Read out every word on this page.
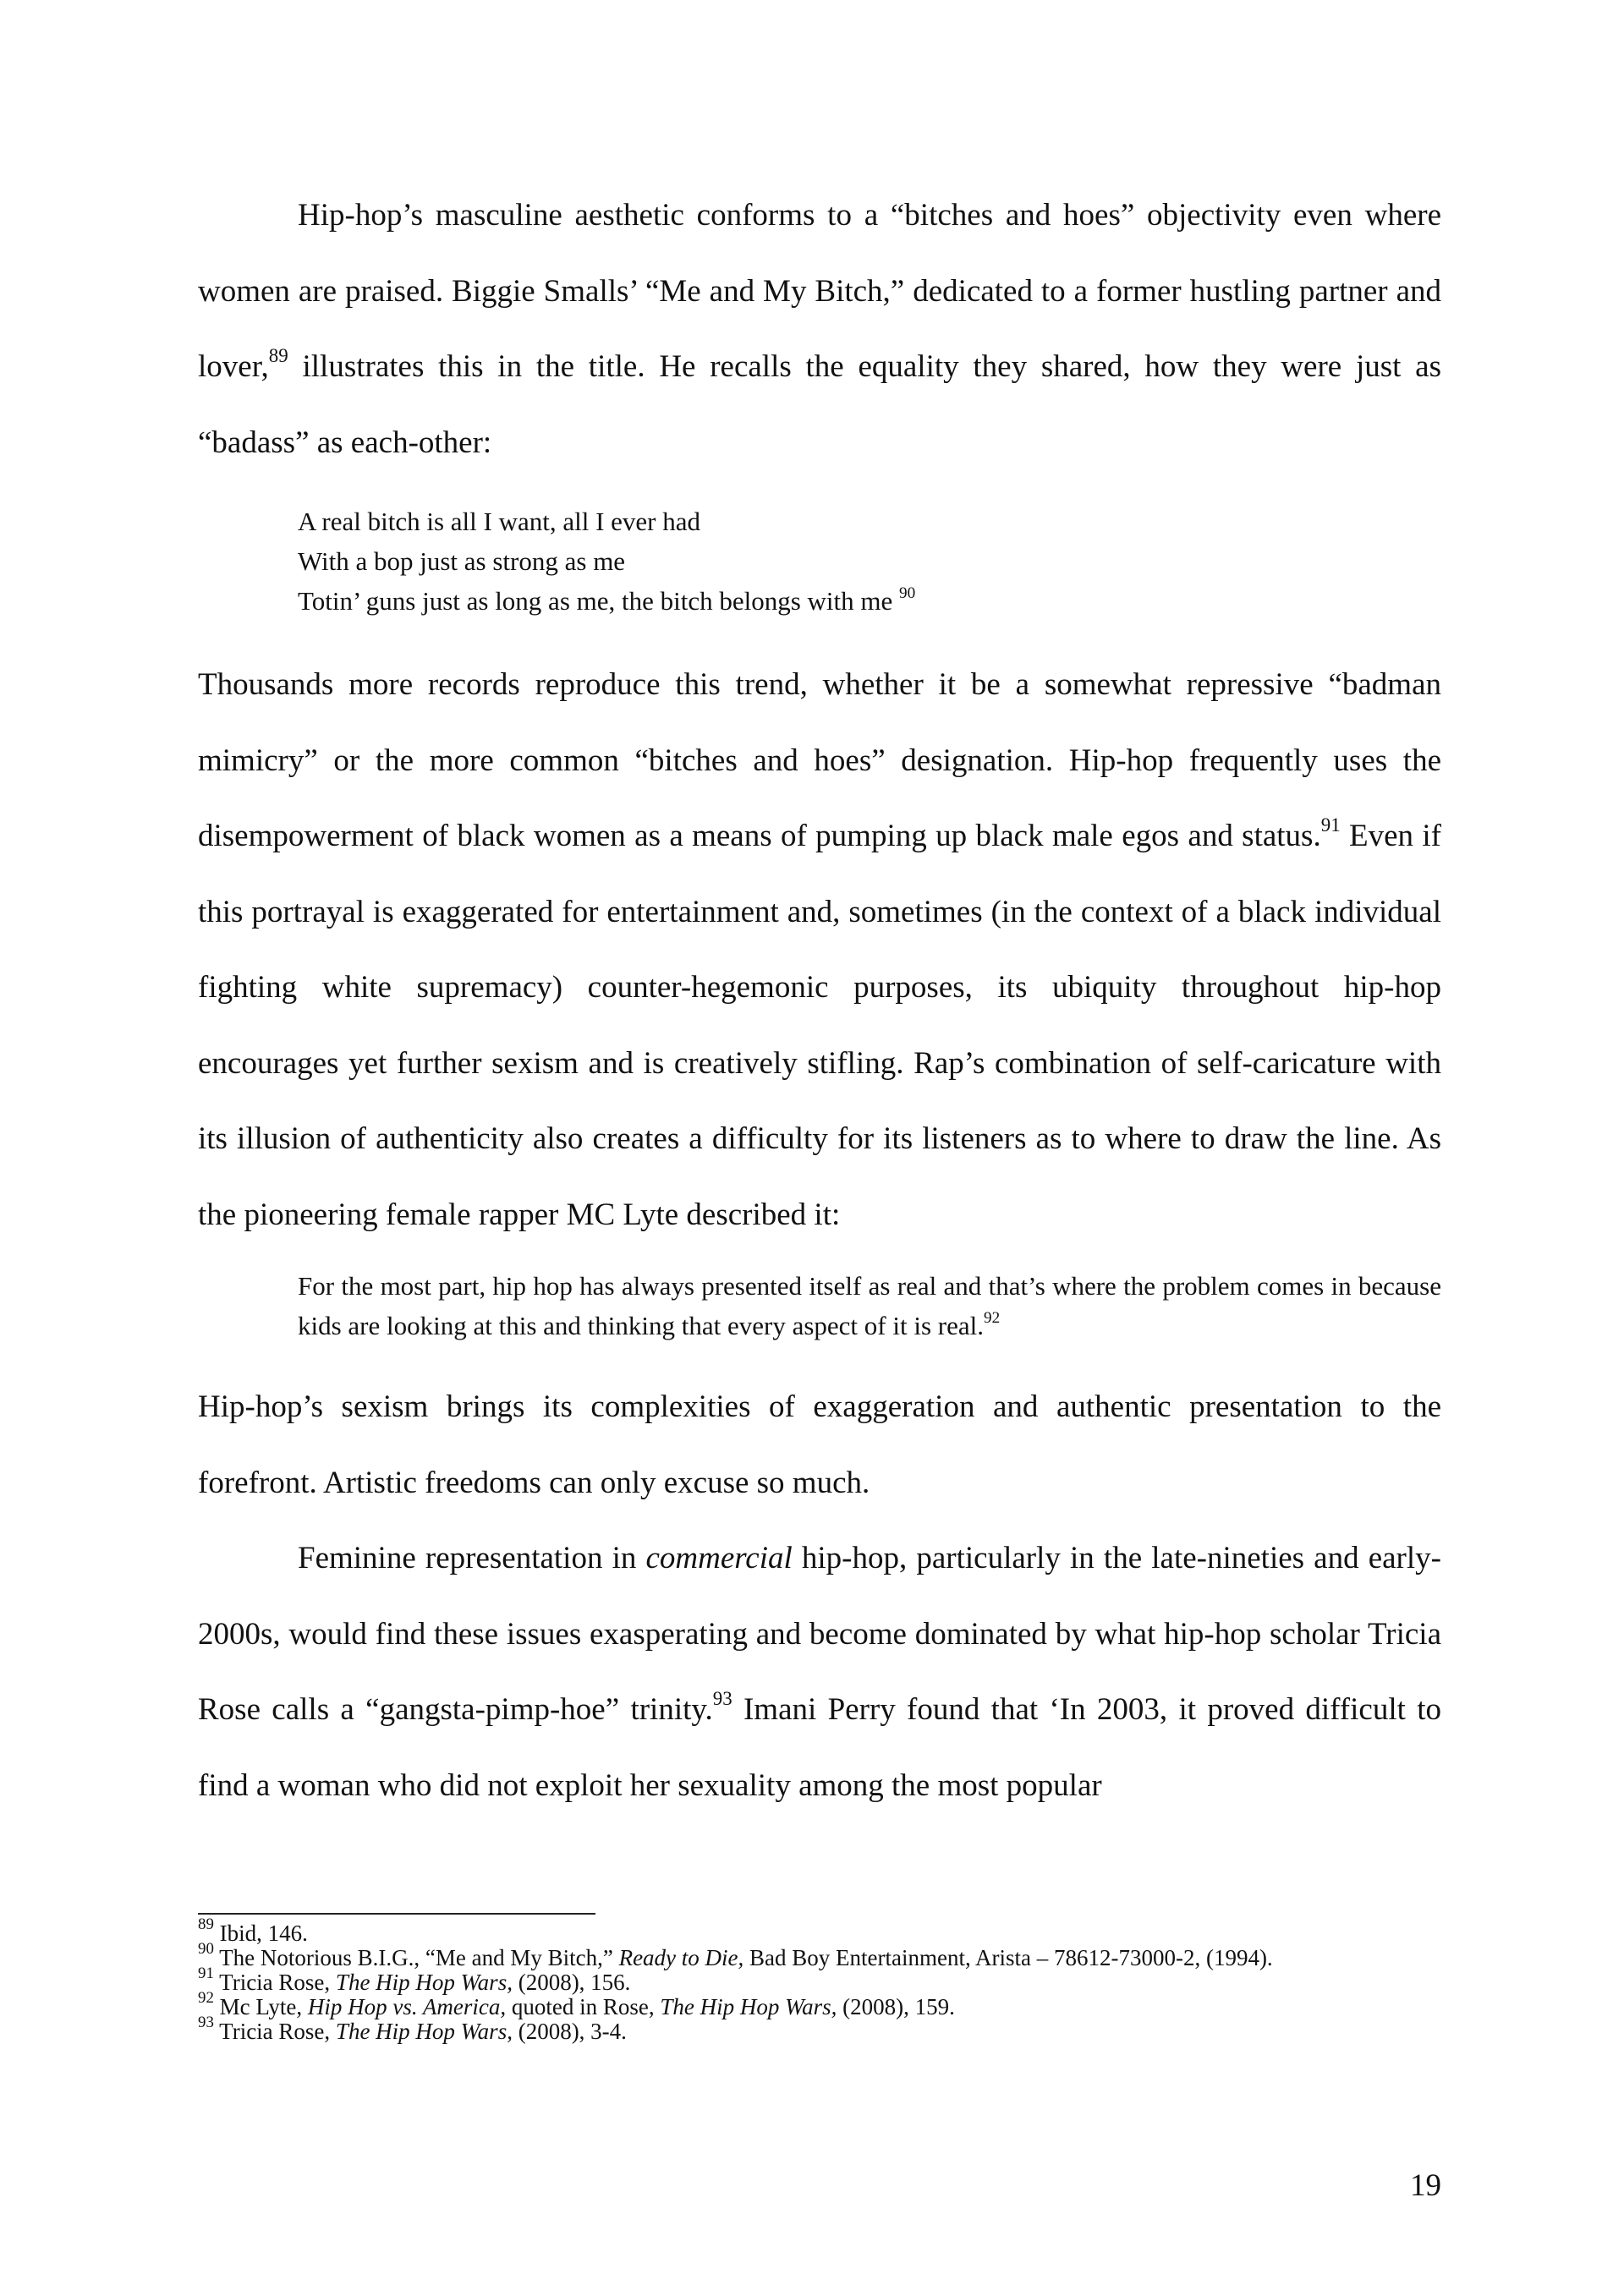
Hip-hop’s masculine aesthetic conforms to a “bitches and hoes” objectivity even where women are praised. Biggie Smalls’ “Me and My Bitch,” dedicated to a former hustling partner and lover,$^{89}$ illustrates this in the title. He recalls the equality they shared, how they were just as “badass” as each-other:
A real bitch is all I want, all I ever had
With a bop just as strong as me
Totin’ guns just as long as me, the bitch belongs with me $^{90}$
Thousands more records reproduce this trend, whether it be a somewhat repressive “badman mimicry” or the more common “bitches and hoes” designation. Hip-hop frequently uses the disempowerment of black women as a means of pumping up black male egos and status.$^{91}$ Even if this portrayal is exaggerated for entertainment and, sometimes (in the context of a black individual fighting white supremacy) counter-hegemonic purposes, its ubiquity throughout hip-hop encourages yet further sexism and is creatively stifling. Rap’s combination of self-caricature with its illusion of authenticity also creates a difficulty for its listeners as to where to draw the line. As the pioneering female rapper MC Lyte described it:
For the most part, hip hop has always presented itself as real and that’s where the problem comes in because kids are looking at this and thinking that every aspect of it is real.$^{92}$
Hip-hop’s sexism brings its complexities of exaggeration and authentic presentation to the forefront. Artistic freedoms can only excuse so much.
Feminine representation in commercial hip-hop, particularly in the late-nineties and early-2000s, would find these issues exasperating and become dominated by what hip-hop scholar Tricia Rose calls a “gangsta-pimp-hoe” trinity.$^{93}$ Imani Perry found that ‘In 2003, it proved difficult to find a woman who did not exploit her sexuality among the most popular

$^{89}$ Ibid, 146.

$^{90}$ The Notorious B.I.G., “Me and My Bitch,” Ready to Die, Bad Boy Entertainment, Arista – 78612-73000-2, (1994).

$^{91}$ Tricia Rose, The Hip Hop Wars, (2008), 156.

$^{92}$ Mc Lyte, Hip Hop vs. America, quoted in Rose, The Hip Hop Wars, (2008), 159.

$^{93}$ Tricia Rose, The Hip Hop Wars, (2008), 3-4.

19
